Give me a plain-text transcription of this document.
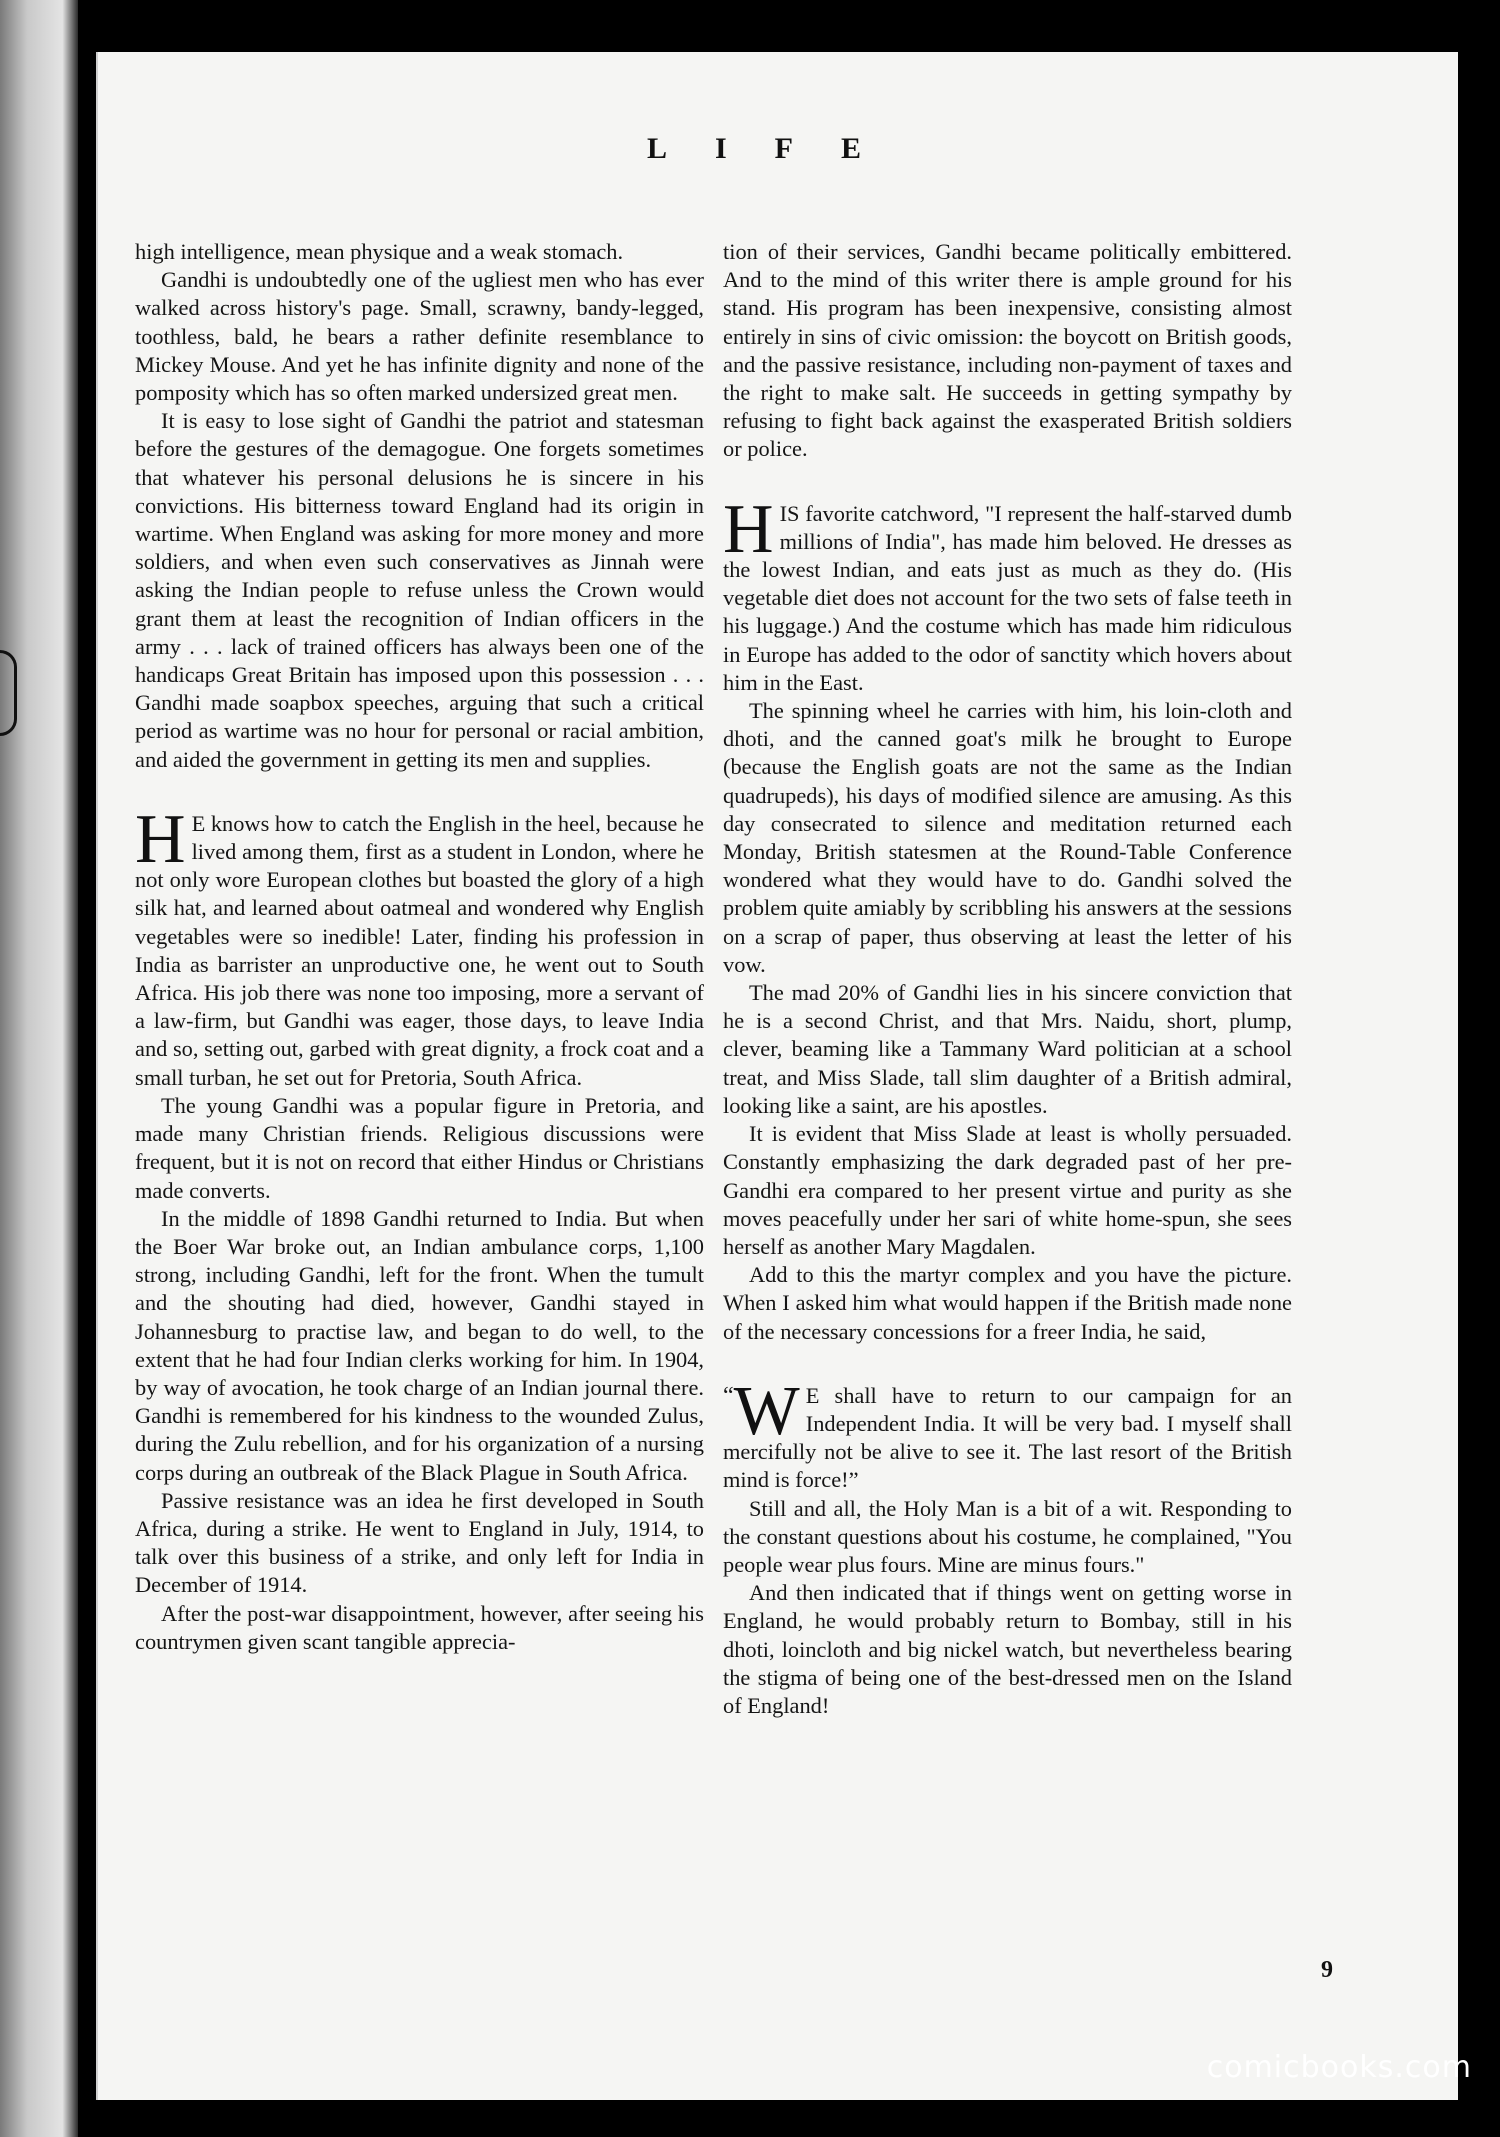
LIFE

high intelligence, mean physique and a weak stomach.

Gandhi is undoubtedly one of the ugliest men who has ever walked across history's page. Small, scrawny, bandy-legged, toothless, bald, he bears a rather definite resemblance to Mickey Mouse. And yet he has infinite dignity and none of the pomposity which has so often marked undersized great men.

It is easy to lose sight of Gandhi the patriot and statesman before the gestures of the demagogue. One forgets sometimes that whatever his personal delusions he is sincere in his convictions. His bitterness toward England had its origin in wartime. When England was asking for more money and more soldiers, and when even such conservatives as Jinnah were asking the Indian people to refuse unless the Crown would grant them at least the recognition of Indian officers in the army . . . lack of trained officers has always been one of the handicaps Great Britain has imposed upon this possession . . . Gandhi made soapbox speeches, arguing that such a critical period as wartime was no hour for personal or racial ambition, and aided the government in getting its men and supplies.

H E knows how to catch the English in the heel, because he lived among them, first as a student in London, where he not only wore European clothes but boasted the glory of a high silk hat, and learned about oatmeal and wondered why English vegetables were so inedible! Later, finding his profession in India as barrister an unproductive one, he went out to South Africa. His job there was none too imposing, more a servant of a law-firm, but Gandhi was eager, those days, to leave India and so, setting out, garbed with great dignity, a frock coat and a small turban, he set out for Pretoria, South Africa.

The young Gandhi was a popular figure in Pretoria, and made many Christian friends. Religious discussions were frequent, but it is not on record that either Hindus or Christians made converts.

In the middle of 1898 Gandhi returned to India. But when the Boer War broke out, an Indian ambulance corps, 1,100 strong, including Gandhi, left for the front. When the tumult and the shouting had died, however, Gandhi stayed in Johannesburg to practise law, and began to do well, to the extent that he had four Indian clerks working for him. In 1904, by way of avocation, he took charge of an Indian journal there. Gandhi is remembered for his kindness to the wounded Zulus, during the Zulu rebellion, and for his organization of a nursing corps during an outbreak of the Black Plague in South Africa.

Passive resistance was an idea he first developed in South Africa, during a strike. He went to England in July, 1914, to talk over this business of a strike, and only left for India in December of 1914.

After the post-war disappointment, however, after seeing his countrymen given scant tangible apprecia-

tion of their services, Gandhi became politically embittered. And to the mind of this writer there is ample ground for his stand. His program has been inexpensive, consisting almost entirely in sins of civic omission: the boycott on British goods, and the passive resistance, including non-payment of taxes and the right to make salt. He succeeds in getting sympathy by refusing to fight back against the exasperated British soldiers or police.

HIS favorite catchword, "I represent the half-starved dumb millions of India", has made him beloved. He dresses as the lowest Indian, and eats just as much as they do. (His vegetable diet does not account for the two sets of false teeth in his luggage.) And the costume which has made him ridiculous in Europe has added to the odor of sanctity which hovers about him in the East.

The spinning wheel he carries with him, his loin-cloth and dhoti, and the canned goat's milk he brought to Europe (because the English goats are not the same as the Indian quadrupeds), his days of modified silence are amusing. As this day consecrated to silence and meditation returned each Monday, British statesmen at the Round-Table Conference wondered what they would have to do. Gandhi solved the problem quite amiably by scribbling his answers at the sessions on a scrap of paper, thus observing at least the letter of his vow.

The mad 20% of Gandhi lies in his sincere conviction that he is a second Christ, and that Mrs. Naidu, short, plump, clever, beaming like a Tammany Ward politician at a school treat, and Miss Slade, tall slim daughter of a British admiral, looking like a saint, are his apostles.

It is evident that Miss Slade at least is wholly persuaded. Constantly emphasizing the dark degraded past of her pre-Gandhi era compared to her present virtue and purity as she moves peacefully under her sari of white home-spun, she sees herself as another Mary Magdalen.

Add to this the martyr complex and you have the picture. When I asked him what would happen if the British made none of the necessary concessions for a freer India, he said,

“ W E shall have to return to our campaign for an Independent India. It will be very bad. I myself shall mercifully not be alive to see it. The last resort of the British mind is force!”

Still and all, the Holy Man is a bit of a wit. Responding to the constant questions about his costume, he complained, "You people wear plus fours. Mine are minus fours."

And then indicated that if things went on getting worse in England, he would probably return to Bombay, still in his dhoti, loincloth and big nickel watch, but nevertheless bearing the stigma of being one of the best-dressed men on the Island of England!

9
comicbooks.com
